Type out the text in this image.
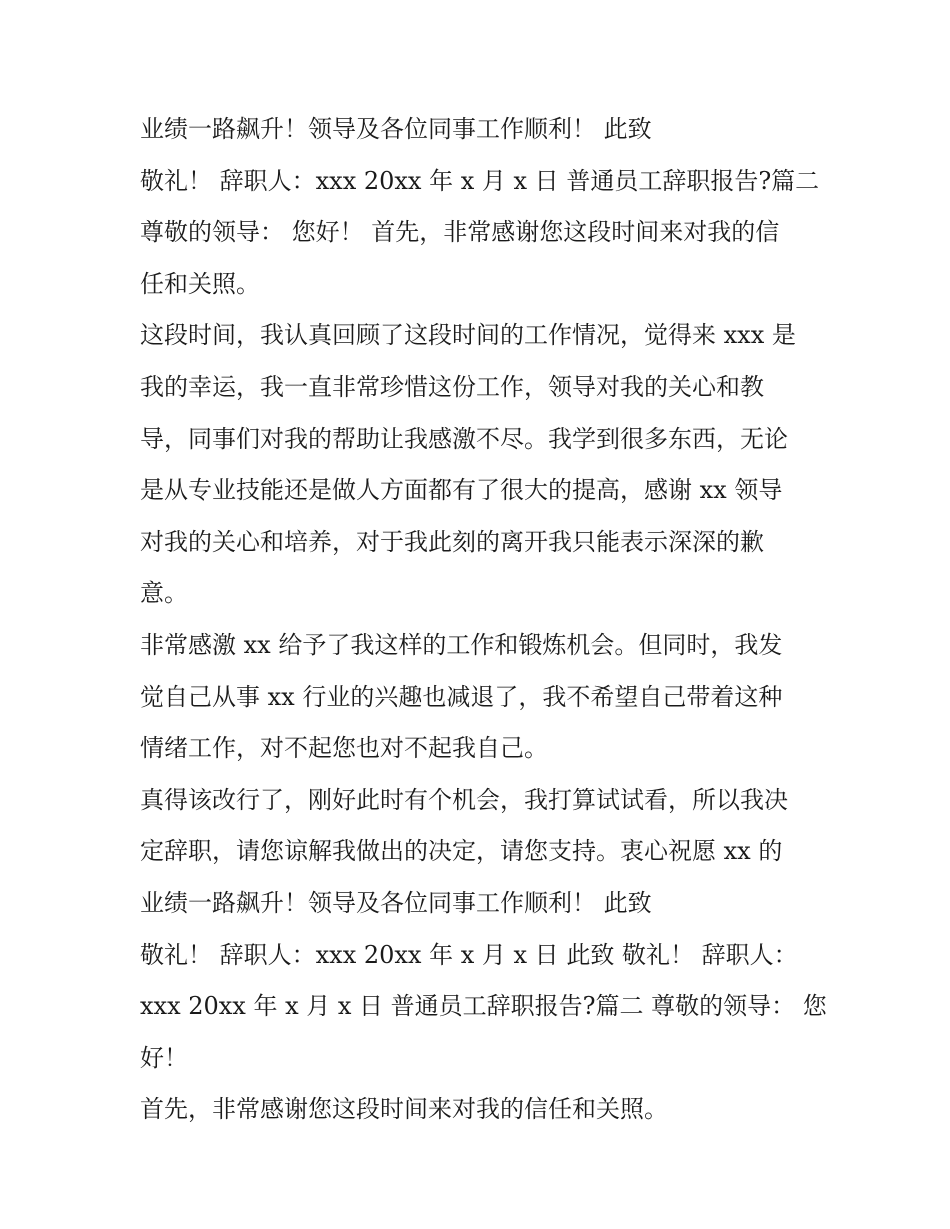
业绩一路飙升！领导及各位同事工作顺利！ 此致
敬礼！ 辞职人：xxx 20xx 年 x 月 x 日 普通员工辞职报告?篇二
尊敬的领导： 您好！ 首先，非常感谢您这段时间来对我的信
任和关照。
这段时间，我认真回顾了这段时间的工作情况，觉得来 xxx 是
我的幸运，我一直非常珍惜这份工作，领导对我的关心和教
导，同事们对我的帮助让我感激不尽。我学到很多东西，无论
是从专业技能还是做人方面都有了很大的提高，感谢 xx 领导
对我的关心和培养，对于我此刻的离开我只能表示深深的歉
意。
非常感激 xx 给予了我这样的工作和锻炼机会。但同时，我发
觉自己从事 xx 行业的兴趣也减退了，我不希望自己带着这种
情绪工作，对不起您也对不起我自己。
真得该改行了，刚好此时有个机会，我打算试试看，所以我决
定辞职，请您谅解我做出的决定，请您支持。衷心祝愿 xx 的
业绩一路飙升！领导及各位同事工作顺利！ 此致
敬礼！ 辞职人：xxx 20xx 年 x 月 x 日 此致 敬礼！ 辞职人：
xxx 20xx 年 x 月 x 日 普通员工辞职报告?篇二 尊敬的领导： 您
好！
首先，非常感谢您这段时间来对我的信任和关照。
